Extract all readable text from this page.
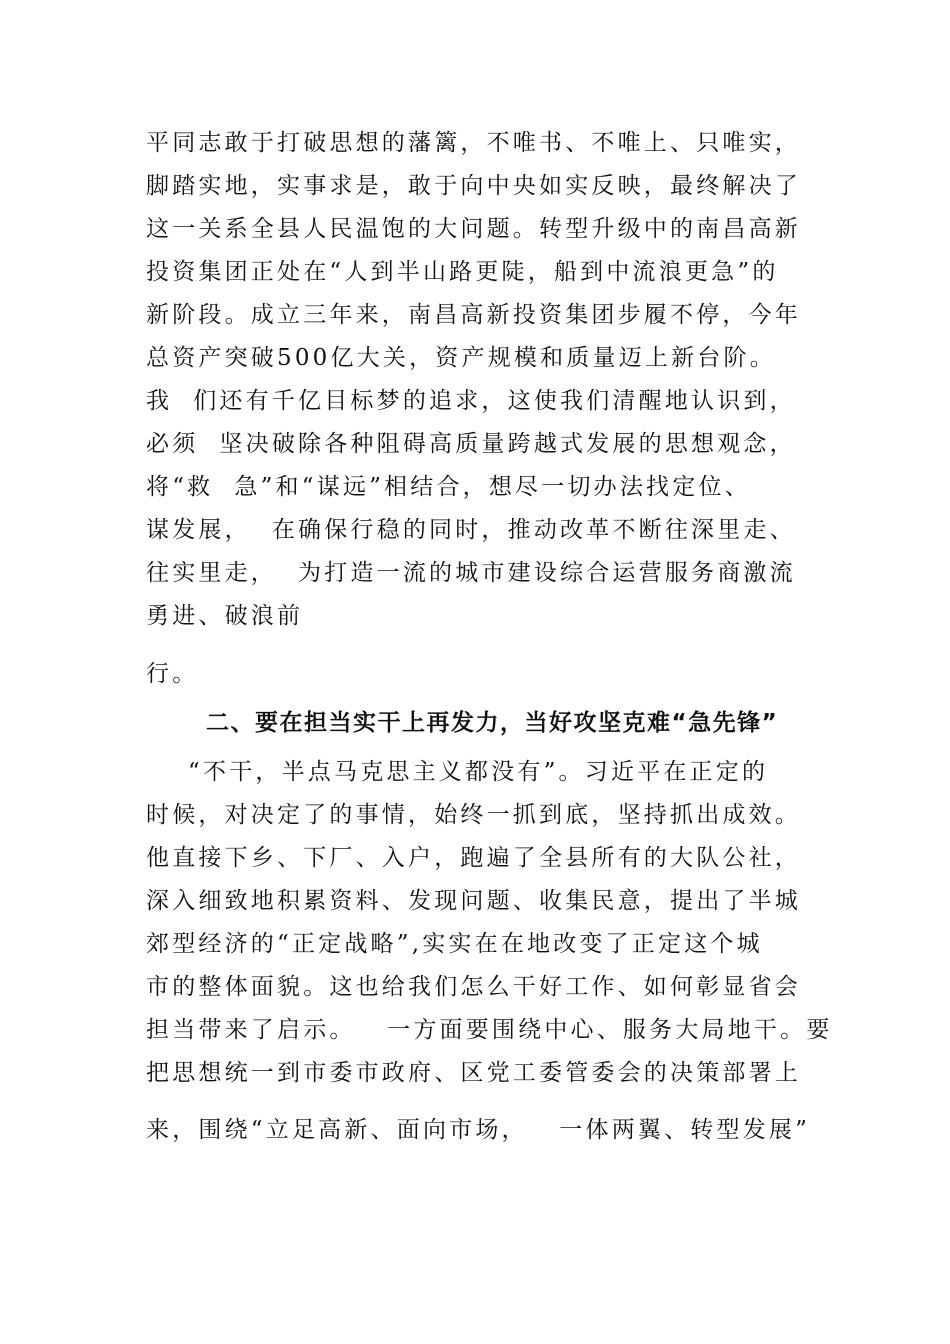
平同志敢于打破思想的藩篱，不唯书、不唯上、只唯实，
脚踏实地，实事求是，敢于向中央如实反映，最终解决了
这一关系全县人民温饱的大问题。转型升级中的南昌高新
投资集团正处在“人到半山路更陡，船到中流浪更急”的
新阶段。成立三年来，南昌高新投资集团步履不停，今年
总资产突破500亿大关，资产规模和质量迈上新台阶。
我  们还有千亿目标梦的追求，这使我们清醒地认识到，
必须  坚决破除各种阻碍高质量跨越式发展的思想观念，
将“救  急”和“谋远”相结合，想尽一切办法找定位、
谋发展，  在确保行稳的同时，推动改革不断往深里走、
往实里走，  为打造一流的城市建设综合运营服务商激流
勇进、破浪前
行。
二、要在担当实干上再发力，当好攻坚克难“急先锋”
“不干，半点马克思主义都没有”。习近平在正定的
时候，对决定了的事情，始终一抓到底，坚持抓出成效。
他直接下乡、下厂、入户，跑遍了全县所有的大队公社，
深入细致地积累资料、发现问题、收集民意，提出了半城
郊型经济的“正定战略”,实实在在地改变了正定这个城
市的整体面貌。这也给我们怎么干好工作、如何彰显省会
担当带来了启示。   一方面要围绕中心、服务大局地干。要
把思想统一到市委市政府、区党工委管委会的决策部署上
来，围绕“立足高新、面向市场，   一体两翼、转型发展”
